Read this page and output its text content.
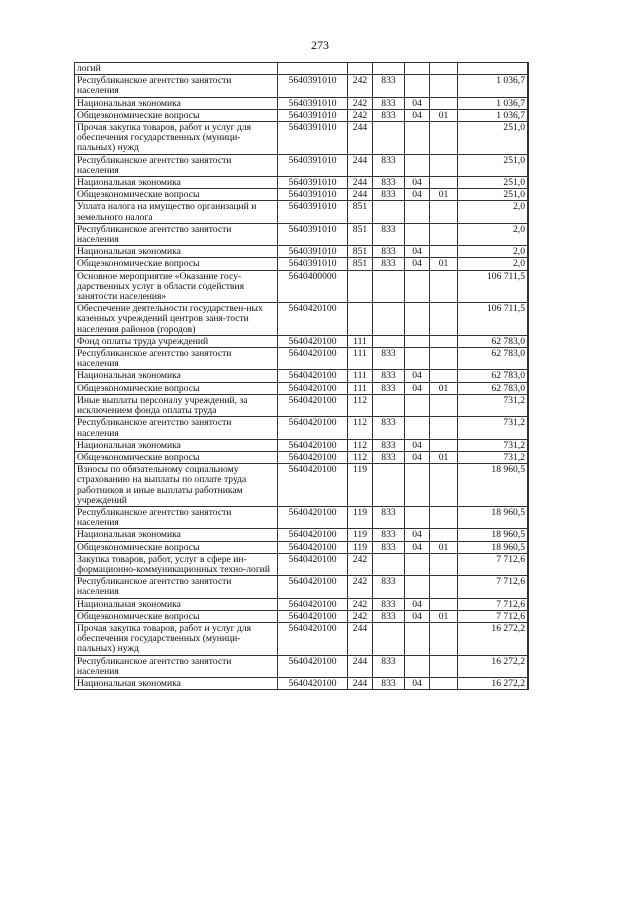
273
логий							
Республиканское агентство занятости населения	5640391010	242	833			1 036,7	
Национальная экономика	5640391010	242	833	04		1 036,7	
Общеэкономические вопросы	5640391010	242	833	04	01	1 036,7	
Прочая закупка товаров, работ и услуг для обеспечения государственных (муници-пальных) нужд	5640391010	244				251,0	
Республиканское агентство занятости населения	5640391010	244	833			251,0	
Национальная экономика	5640391010	244	833	04		251,0	
Общеэкономические вопросы	5640391010	244	833	04	01	251,0	
Уплата налога на имущество организаций и земельного налога	5640391010	851				2,0	
Республиканское агентство занятости населения	5640391010	851	833			2,0	
Национальная экономика	5640391010	851	833	04		2,0	
Общеэкономические вопросы	5640391010	851	833	04	01	2,0	
Основное мероприятие «Оказание госу-дарственных услуг в области содействия занятости населения»	5640400000					106 711,5	
Обеспечение деятельности государствен-ных казенных учреждений центров заня-тости населения районов (городов)	5640420100					106 711,5	
Фонд оплаты труда учреждений	5640420100	111				62 783,0	
Республиканское агентство занятости населения	5640420100	111	833			62 783,0	
Национальная экономика	5640420100	111	833	04		62 783,0	
Общеэкономические вопросы	5640420100	111	833	04	01	62 783,0	
Иные выплаты персоналу учреждений, за исключением фонда оплаты труда	5640420100	112				731,2	
Республиканское агентство занятости населения	5640420100	112	833			731,2	
Национальная экономика	5640420100	112	833	04		731,2	
Общеэкономические вопросы	5640420100	112	833	04	01	731,2	
Взносы по обязательному социальному страхованию на выплаты по оплате труда работников и иные выплаты работникам учреждений	5640420100	119				18 960,5	
Республиканское агентство занятости населения	5640420100	119	833			18 960,5	
Национальная экономика	5640420100	119	833	04		18 960,5	
Общеэкономические вопросы	5640420100	119	833	04	01	18 960,5	
Закупка товаров, работ, услуг в сфере ин-формационно-коммуникационных техно-логий	5640420100	242				7 712,6	
Республиканское агентство занятости населения	5640420100	242	833			7 712,6	
Национальная экономика	5640420100	242	833	04		7 712,6	
Общеэкономические вопросы	5640420100	242	833	04	01	7 712,6	
Прочая закупка товаров, работ и услуг для обеспечения государственных (муници-пальных) нужд	5640420100	244				16 272,2	
Республиканское агентство занятости населения	5640420100	244	833			16 272,2	
Национальная экономика	5640420100	244	833	04		16 272,2	
